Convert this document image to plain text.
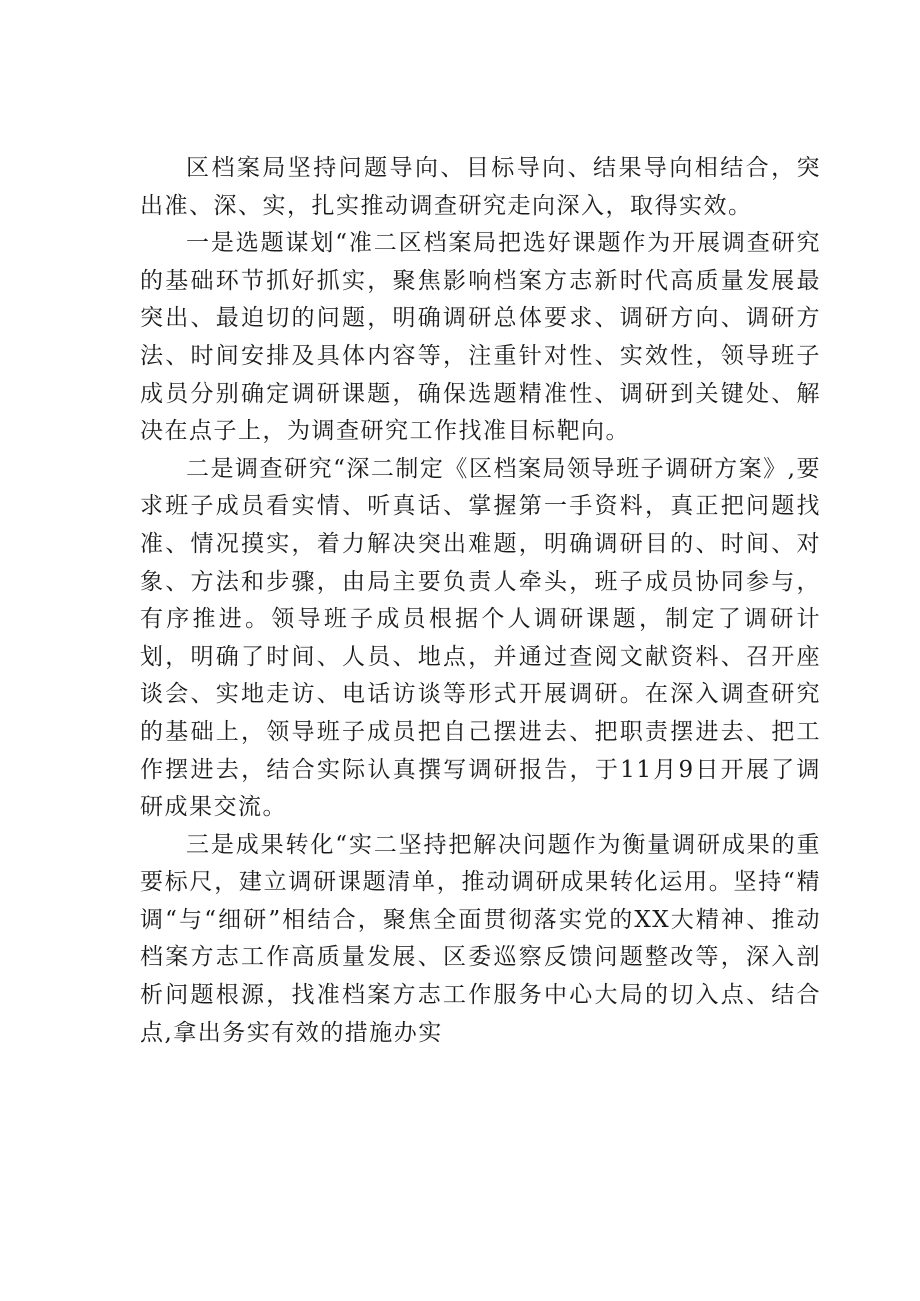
区档案局坚持问题导向、目标导向、结果导向相结合，突出准、深、实，扎实推动调查研究走向深入，取得实效。

一是选题谋划“准二区档案局把选好课题作为开展调查研究的基础环节抓好抓实，聚焦影响档案方志新时代高质量发展最突出、最迫切的问题，明确调研总体要求、调研方向、调研方法、时间安排及具体内容等，注重针对性、实效性，领导班子成员分别确定调研课题，确保选题精准性、调研到关键处、解决在点子上，为调查研究工作找准目标靶向。

二是调查研究“深二制定《区档案局领导班子调研方案》,要求班子成员看实情、听真话、掌握第一手资料，真正把问题找准、情况摸实，着力解决突出难题，明确调研目的、时间、对象、方法和步骤，由局主要负责人牵头，班子成员协同参与，有序推进。领导班子成员根据个人调研课题，制定了调研计划，明确了时间、人员、地点，并通过查阅文献资料、召开座谈会、实地走访、电话访谈等形式开展调研。在深入调查研究的基础上，领导班子成员把自己摆进去、把职责摆进去、把工作摆进去，结合实际认真撰写调研报告，于11月9日开展了调研成果交流。

三是成果转化“实二坚持把解决问题作为衡量调研成果的重要标尺，建立调研课题清单，推动调研成果转化运用。坚持“精调“与“细研”相结合，聚焦全面贯彻落实党的XX大精神、推动档案方志工作高质量发展、区委巡察反馈问题整改等，深入剖析问题根源，找准档案方志工作服务中心大局的切入点、结合点,拿出务实有效的措施办实
